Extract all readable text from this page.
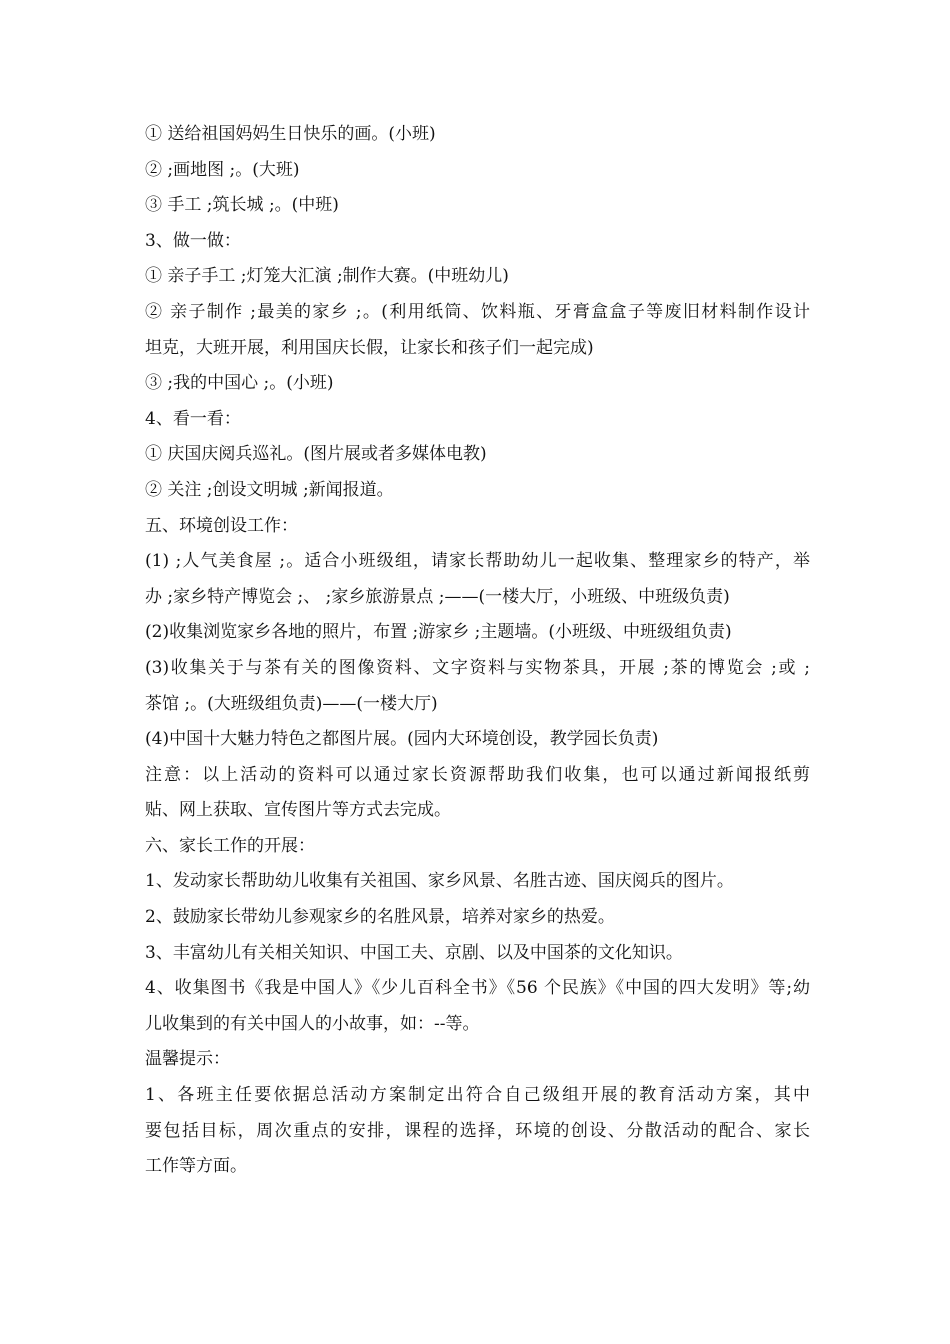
① 送给祖国妈妈生日快乐的画。(小班)
② ;画地图 ;。(大班)
③ 手工 ;筑长城 ;。(中班)
3、做一做：
① 亲子手工 ;灯笼大汇演 ;制作大赛。(中班幼儿)
② 亲子制作 ;最美的家乡 ;。(利用纸筒、饮料瓶、牙膏盒盒子等废旧材料制作设计
坦克，大班开展，利用国庆长假，让家长和孩子们一起完成)
③ ;我的中国心 ;。(小班)
4、看一看：
① 庆国庆阅兵巡礼。(图片展或者多媒体电教)
② 关注 ;创设文明城 ;新闻报道。
五、环境创设工作：
(1) ;人气美食屋 ;。适合小班级组，请家长帮助幼儿一起收集、整理家乡的特产，举
办 ;家乡特产博览会 ;、 ;家乡旅游景点 ;——(一楼大厅，小班级、中班级负责)
(2)收集浏览家乡各地的照片，布置 ;游家乡 ;主题墙。(小班级、中班级组负责)
(3)收集关于与茶有关的图像资料、文字资料与实物茶具，开展 ;茶的博览会 ;或 ;
茶馆 ;。(大班级组负责)——(一楼大厅)
(4)中国十大魅力特色之都图片展。(园内大环境创设，教学园长负责)
注意：以上活动的资料可以通过家长资源帮助我们收集，也可以通过新闻报纸剪
贴、网上获取、宣传图片等方式去完成。
六、家长工作的开展：
1、发动家长帮助幼儿收集有关祖国、家乡风景、名胜古迹、国庆阅兵的图片。
2、鼓励家长带幼儿参观家乡的名胜风景，培养对家乡的热爱。
3、丰富幼儿有关相关知识、中国工夫、京剧、以及中国茶的文化知识。
4、收集图书《我是中国人》《少儿百科全书》《56 个民族》《中国的四大发明》等;幼
儿收集到的有关中国人的小故事，如：--等。
温馨提示：
1、各班主任要依据总活动方案制定出符合自己级组开展的教育活动方案，其中
要包括目标，周次重点的安排，课程的选择，环境的创设、分散活动的配合、家长
工作等方面。
